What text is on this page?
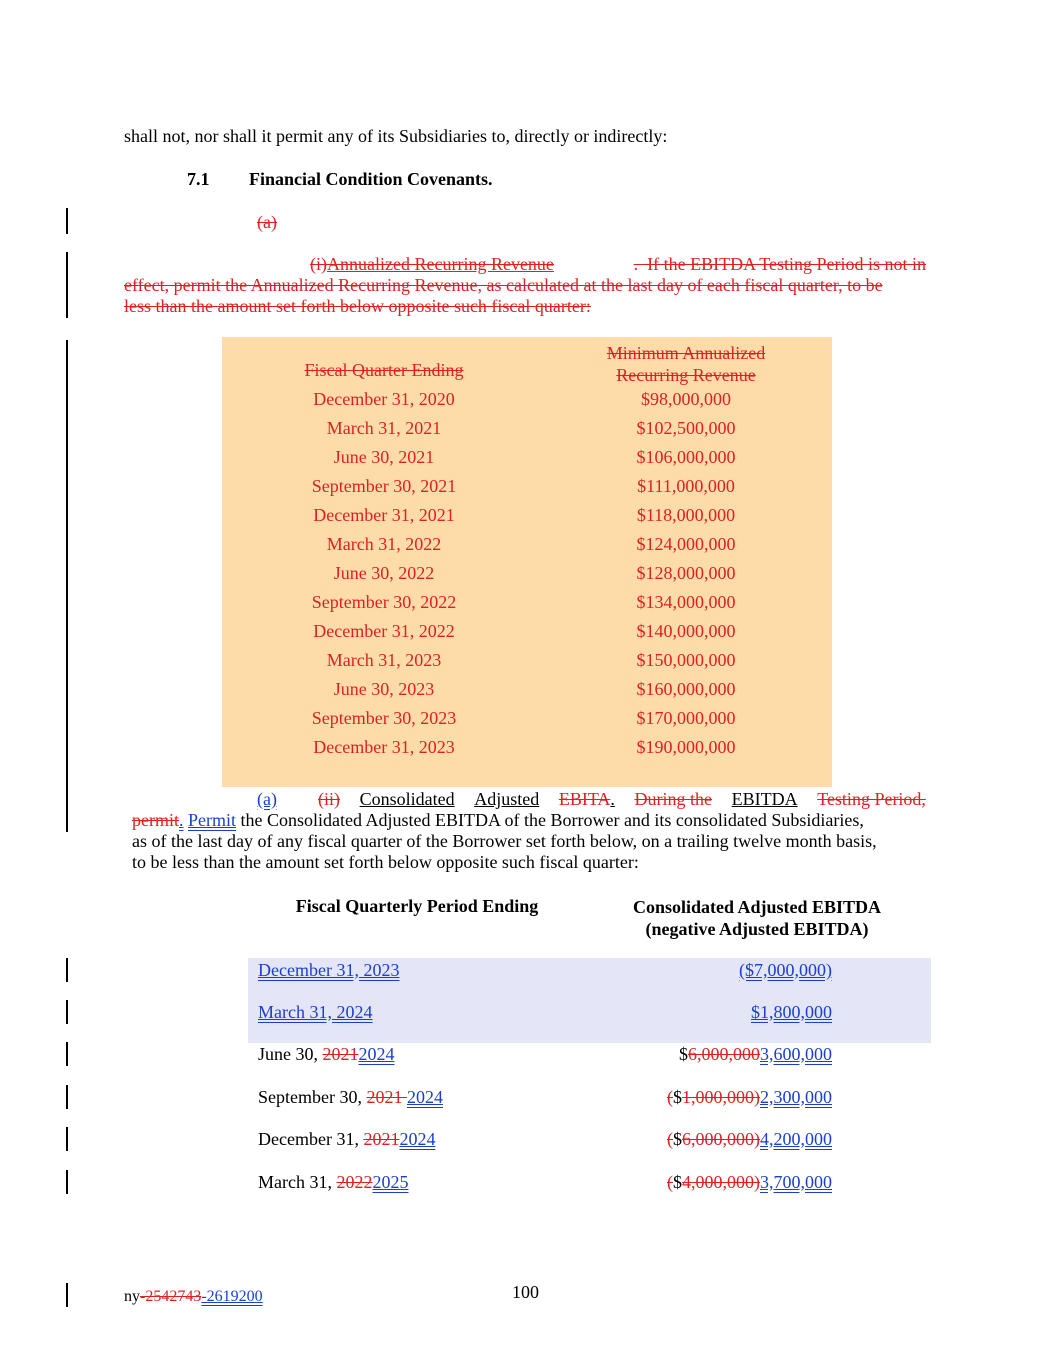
shall not, nor shall it permit any of its Subsidiaries to, directly or indirectly:
7.1 Financial Condition Covenants.
(a)
(i) Annualized Recurring Revenue	.  If the EBITDA Testing Period is not in
effect, permit the Annualized Recurring Revenue, as calculated at the last day of each fiscal quarter, to be
less than the amount set forth below opposite such fiscal quarter:
Fiscal Quarter Ending
Minimum Annualized
Recurring Revenue
December 31, 2020	$98,000,000
March 31, 2021	$102,500,000
June 30, 2021	$106,000,000
September 30, 2021	$111,000,000
December 31, 2021	$118,000,000
March 31, 2022	$124,000,000
June 30, 2022	$128,000,000
September 30, 2022	$134,000,000
December 31, 2022	$140,000,000
March 31, 2023	$150,000,000
June 30, 2023	$160,000,000
September 30, 2023	$170,000,000
December 31, 2023	$190,000,000
(a) (ii) Consolidated Adjusted EBITA. During the EBITDA Testing Period,
permit. Permit the Consolidated Adjusted EBITDA of the Borrower and its consolidated Subsidiaries,
as of the last day of any fiscal quarter of the Borrower set forth below, on a trailing twelve month basis,
to be less than the amount set forth below opposite such fiscal quarter:
Fiscal Quarterly Period Ending	Consolidated Adjusted EBITDA
(negative Adjusted EBITDA)
December 31, 2023	($7,000,000)
March 31, 2024	$1,800,000
June 30, 20212024	$6,000,0003,600,000
September 30, 2021 2024	($1,000,000)2,300,000
December 31, 20212024	($6,000,000)4,200,000
March 31, 20222025	($4,000,000)3,700,000
ny-2542743-2619200	100
